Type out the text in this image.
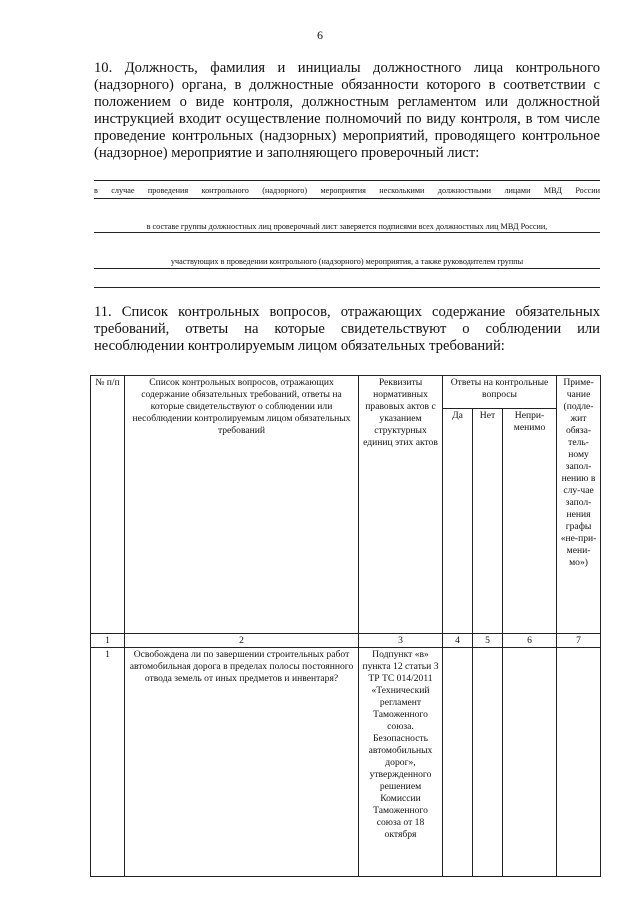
6
10. Должность, фамилия и инициалы должностного лица контрольного (надзорного) органа, в должностные обязанности которого в соответствии с положением о виде контроля, должностным регламентом или должностной инструкцией входит осуществление полномочий по виду контроля, в том числе проведение контрольных (надзорных) мероприятий, проводящего контрольное (надзорное) мероприятие и заполняющего проверочный лист:
в случае проведения контрольного (надзорного) мероприятия несколькими должностными лицами МВД России
в составе группы должностных лиц проверочный лист заверяется подписями всех должностных лиц МВД России,
участвующих в проведении контрольного (надзорного) мероприятия, а также руководителем группы
11. Список контрольных вопросов, отражающих содержание обязательных требований, ответы на которые свидетельствуют о соблюдении или несоблюдении контролируемым лицом обязательных требований:
№ п/п	Список контрольных вопросов, отражающих содержание обязательных требований, ответы на которые свидетельствуют о соблюдении или несоблюдении контролируемым лицом обязательных требований	Реквизиты нормативных правовых актов с указанием структурных единиц этих актов	Ответы на контрольные вопросы			Приме-чание (подле-жит обяза-тель-ному запол-нению в слу-чае запол-нения графы «не-при-мени-мо»)
			Да	Нет	Непри-менимо	
1	2	3	4	5	6	7
1	Освобождена ли по завершении строительных работ автомобильная дорога в пределах полосы постоянного отвода земель от иных предметов и инвентаря?	Подпункт «в» пункта 12 статьи 3 ТР ТС 014/2011 «Технический регламент Таможенного союза. Безопасность автомобильных дорог», утвержденного решением Комиссии Таможенного союза от 18 октября				
